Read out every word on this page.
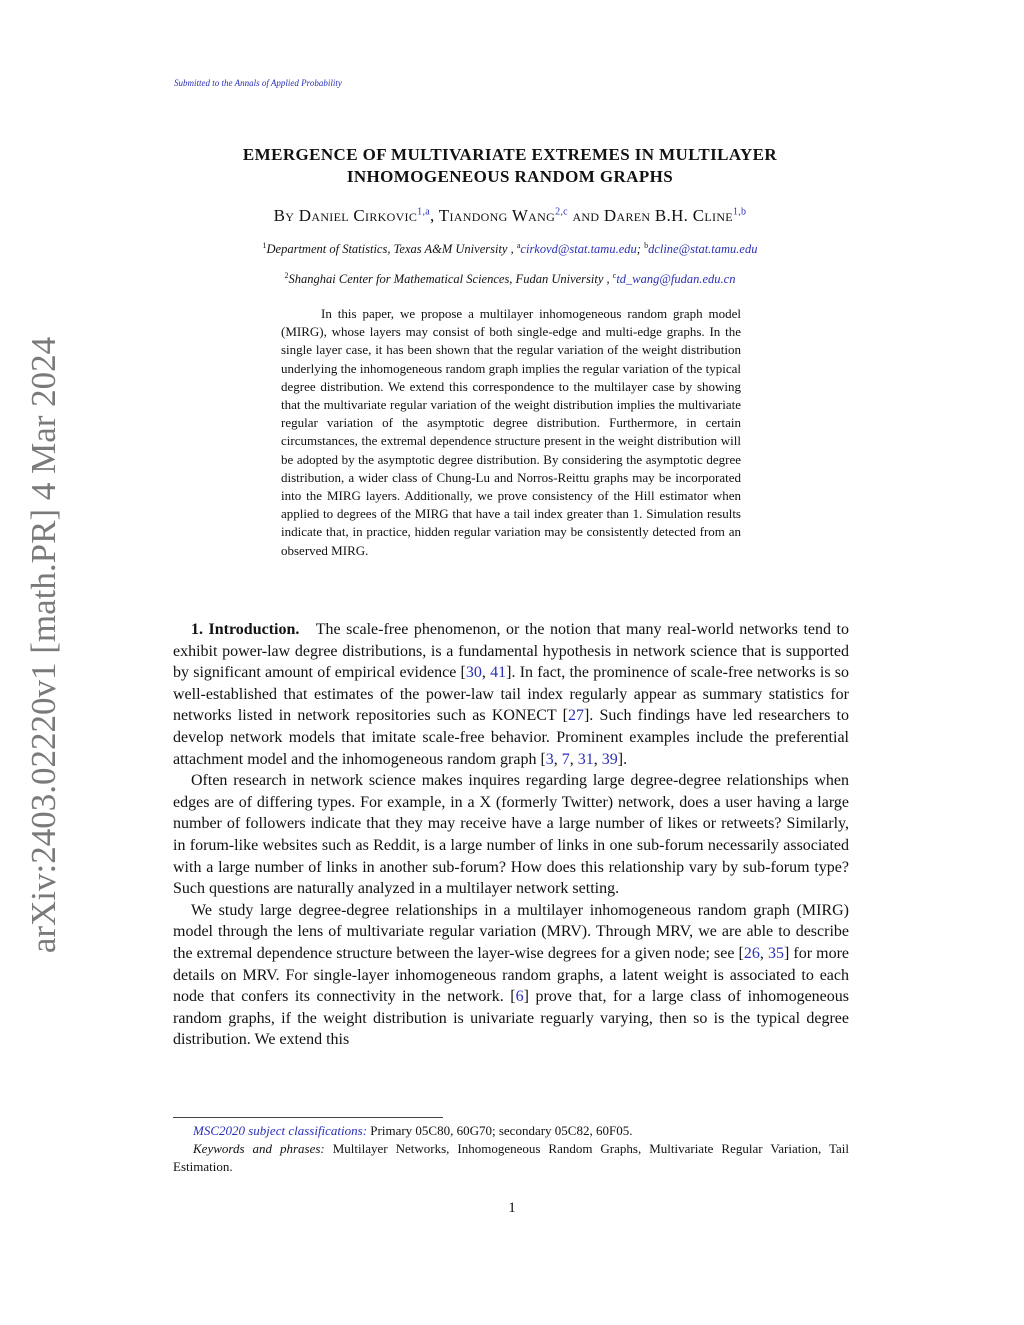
Submitted to the Annals of Applied Probability
arXiv:2403.02220v1 [math.PR] 4 Mar 2024
EMERGENCE OF MULTIVARIATE EXTREMES IN MULTILAYER
INHOMOGENEOUS RANDOM GRAPHS
By Daniel Cirkovic$^{1,a}$, Tiandong Wang$^{2,c}$ and Daren B.H. Cline$^{1,b}$
$^1$Department of Statistics, Texas A&M University , $^a$cirkovd@stat.tamu.edu; $^b$dcline@stat.tamu.edu
$^2$Shanghai Center for Mathematical Sciences, Fudan University , $^c$td_wang@fudan.edu.cn
In this paper, we propose a multilayer inhomogeneous random graph model (MIRG), whose layers may consist of both single-edge and multi-edge graphs. In the single layer case, it has been shown that the regular variation of the weight distribution underlying the inhomogeneous random graph implies the regular variation of the typical degree distribution. We extend this correspondence to the multilayer case by showing that the multivariate regular variation of the weight distribution implies the multivariate regular variation of the asymptotic degree distribution. Furthermore, in certain circumstances, the extremal dependence structure present in the weight distribution will be adopted by the asymptotic degree distribution. By considering the asymptotic degree distribution, a wider class of Chung-Lu and Norros-Reittu graphs may be incorporated into the MIRG layers. Additionally, we prove consistency of the Hill estimator when applied to degrees of the MIRG that have a tail index greater than 1. Simulation results indicate that, in practice, hidden regular variation may be consistently detected from an observed MIRG.

1. Introduction. The scale-free phenomenon, or the notion that many real-world networks tend to exhibit power-law degree distributions, is a fundamental hypothesis in network science that is supported by significant amount of empirical evidence [30, 41]. In fact, the prominence of scale-free networks is so well-established that estimates of the power-law tail index regularly appear as summary statistics for networks listed in network repositories such as KONECT [27]. Such findings have led researchers to develop network models that imitate scale-free behavior. Prominent examples include the preferential attachment model and the inhomogeneous random graph [3, 7, 31, 39].

Often research in network science makes inquires regarding large degree-degree relationships when edges are of differing types. For example, in a X (formerly Twitter) network, does a user having a large number of followers indicate that they may receive have a large number of likes or retweets? Similarly, in forum-like websites such as Reddit, is a large number of links in one sub-forum necessarily associated with a large number of links in another sub-forum? How does this relationship vary by sub-forum type? Such questions are naturally analyzed in a multilayer network setting.

We study large degree-degree relationships in a multilayer inhomogeneous random graph (MIRG) model through the lens of multivariate regular variation (MRV). Through MRV, we are able to describe the extremal dependence structure between the layer-wise degrees for a given node; see [26, 35] for more details on MRV. For single-layer inhomogeneous random graphs, a latent weight is associated to each node that confers its connectivity in the network. [6] prove that, for a large class of inhomogeneous random graphs, if the weight distribution is univariate reguarly varying, then so is the typical degree distribution. We extend this

MSC2020 subject classifications: Primary 05C80, 60G70; secondary 05C82, 60F05.

Keywords and phrases: Multilayer Networks, Inhomogeneous Random Graphs, Multivariate Regular Variation, Tail Estimation.

1
